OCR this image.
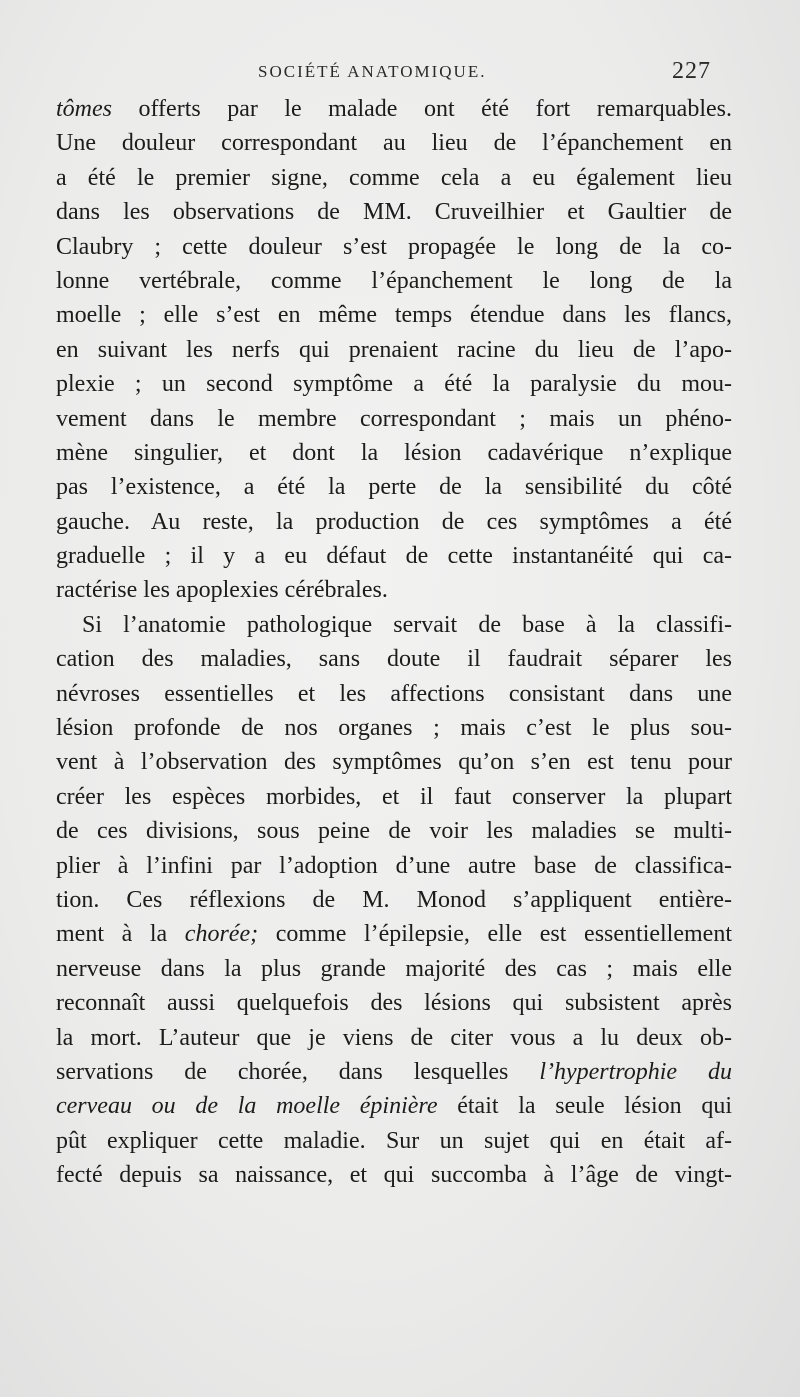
SOCIÉTÉ ANATOMIQUE.	227
tômes offerts par le malade ont été fort remarquables.
Une douleur correspondant au lieu de l’épanchement en
a été le premier signe, comme cela a eu également lieu
dans les observations de MM. Cruveilhier et Gaultier de
Claubry ; cette douleur s’est propagée le long de la co-
lonne vertébrale, comme l’épanchement le long de la
moelle ; elle s’est en même temps étendue dans les flancs,
en suivant les nerfs qui prenaient racine du lieu de l’apo-
plexie ; un second symptôme a été la paralysie du mou-
vement dans le membre correspondant ; mais un phéno-
mène singulier, et dont la lésion cadavérique n’explique
pas l’existence, a été la perte de la sensibilité du côté
gauche. Au reste, la production de ces symptômes a été
graduelle ; il y a eu défaut de cette instantanéité qui ca-
ractérise les apoplexies cérébrales.
Si l’anatomie pathologique servait de base à la classifi-
cation des maladies, sans doute il faudrait séparer les
névroses essentielles et les affections consistant dans une
lésion profonde de nos organes ; mais c’est le plus sou-
vent à l’observation des symptômes qu’on s’en est tenu pour
créer les espèces morbides, et il faut conserver la plupart
de ces divisions, sous peine de voir les maladies se multi-
plier à l’infini par l’adoption d’une autre base de classifica-
tion. Ces réflexions de M. Monod s’appliquent entière-
ment à la chorée; comme l’épilepsie, elle est essentiellement
nerveuse dans la plus grande majorité des cas ; mais elle
reconnaît aussi quelquefois des lésions qui subsistent après
la mort. L’auteur que je viens de citer vous a lu deux ob-
servations de chorée, dans lesquelles l’hypertrophie du
cerveau ou de la moelle épinière était la seule lésion qui
pût expliquer cette maladie. Sur un sujet qui en était af-
fecté depuis sa naissance, et qui succomba à l’âge de vingt-
